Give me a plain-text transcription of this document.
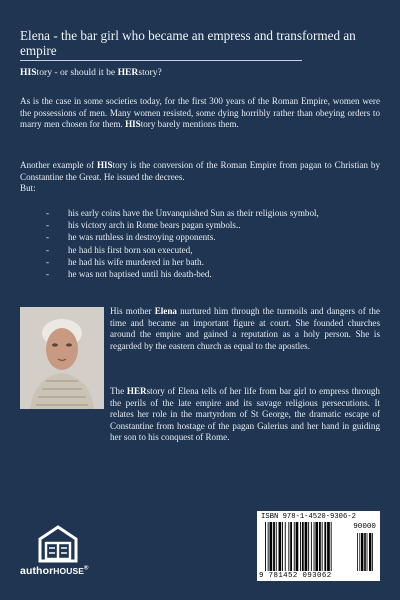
Elena - the bar girl who became an empress and transformed an empire
HIStory - or should it be HERstory?
As is the case in some societies today, for the first 300 years of the Roman Empire, women were the possessions of men. Many women resisted, some dying horribly rather than obeying orders to marry men chosen for them. HIStory barely mentions them.
Another example of HIStory is the conversion of the Roman Empire from pagan to Christian by Constantine the Great. He issued the decrees.
But:
- his early coins have the Unvanquished Sun as their religious symbol,
- his victory arch in Rome bears pagan symbols..
- he was ruthless in destroying opponents.
- he had his first born son executed,
- he had his wife murdered in her bath.
- he was not baptised until his death-bed.
His mother Elena nurtured him through the turmoils and dangers of the time and became an important figure at court. She founded churches around the empire and gained a reputation as a holy person. She is regarded by the eastern church as equal to the apostles.
The HERstory of Elena tells of her life from bar girl to empress through the perils of the late empire and its savage religious persecutions. It relates her role in the martyrdom of St George, the dramatic escape of Constantine from hostage of the pagan Galerius and her hand in guiding her son to his conquest of Rome.
authorHOUSE®
ISBN 978-1-4520-9306-2
90000
9 781452 093062
